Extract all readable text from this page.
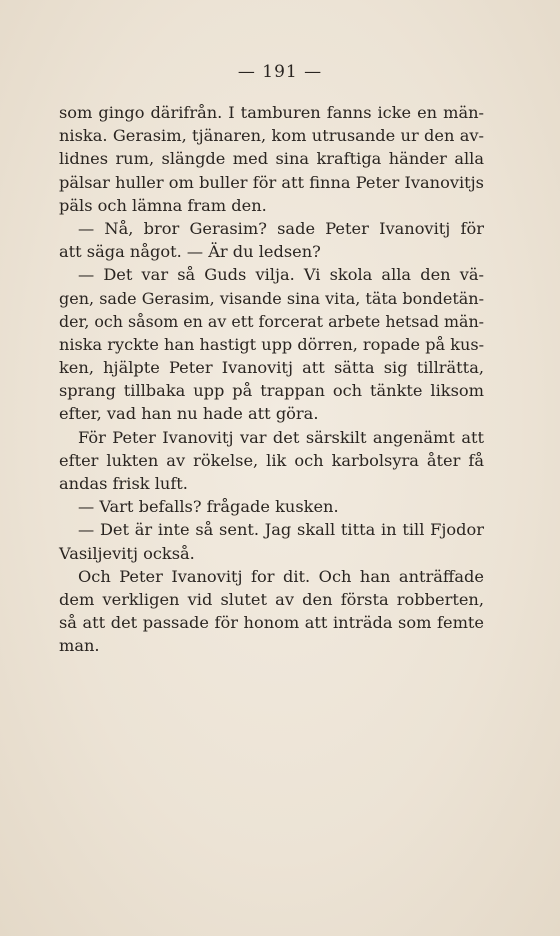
— 191 —
som gingo därifrån. I tamburen fanns icke en män-
niska. Gerasim, tjänaren, kom utrusande ur den av-
lidnes rum, slängde med sina kraftiga händer alla
pälsar huller om buller för att finna Peter Ivanovitjs
päls och lämna fram den.
— Nå, bror Gerasim? sade Peter Ivanovitj för
att säga något. — Är du ledsen?
— Det var så Guds vilja. Vi skola alla den vä-
gen, sade Gerasim, visande sina vita, täta bondetän-
der, och såsom en av ett forcerat arbete hetsad män-
niska ryckte han hastigt upp dörren, ropade på kus-
ken, hjälpte Peter Ivanovitj att sätta sig tillrätta,
sprang tillbaka upp på trappan och tänkte liksom
efter, vad han nu hade att göra.
För Peter Ivanovitj var det särskilt angenämt att
efter lukten av rökelse, lik och karbolsyra åter få
andas frisk luft.
— Vart befalls? frågade kusken.
— Det är inte så sent. Jag skall titta in till Fjodor
Vasiljevitj också.
Och Peter Ivanovitj for dit. Och han anträffade
dem verkligen vid slutet av den första robberten,
så att det passade för honom att inträda som femte
man.
